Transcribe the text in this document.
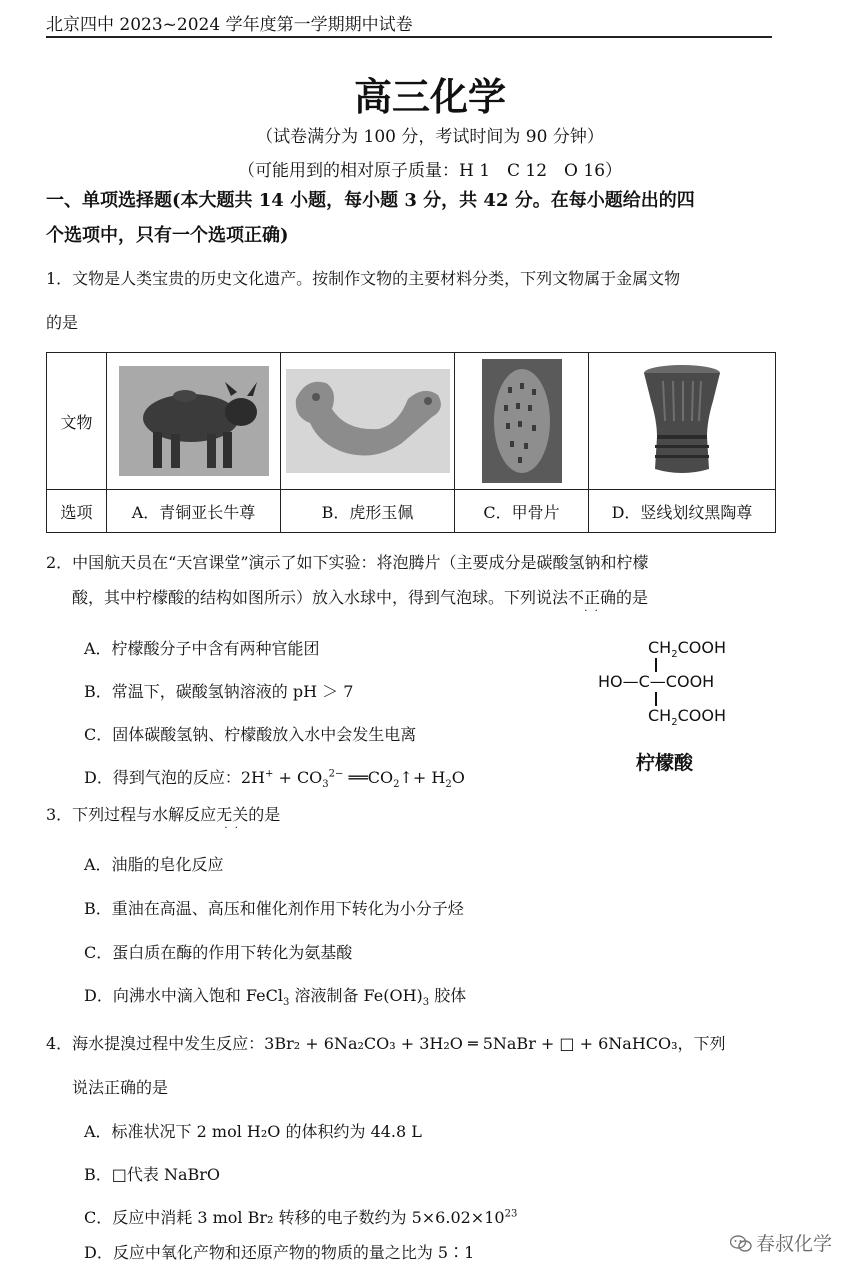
北京四中 2023~2024 学年度第一学期期中试卷
高三化学
（试卷满分为 100 分，考试时间为 90 分钟）
（可能用到的相对原子质量：H 1　C 12　O 16）
一、单项选择题(本大题共 14 小题，每小题 3 分，共 42 分。在每小题给出的四
个选项中，只有一个选项正确)
1．文物是人类宝贵的历史文化遗产。按制作文物的主要材料分类，下列文物属于金属文物
的是
文物	

选项	A．青铜亚长牛尊	B．虎形玉佩	C．甲骨片	D．竖线划纹黑陶尊
2．中国航天员在“天宫课堂”演示了如下实验：将泡腾片（主要成分是碳酸氢钠和柠檬
酸，其中柠檬酸的结构如图所示）放入水球中，得到气泡球。下列说法不正确 · ·的是
A．柠檬酸分子中含有两种官能团
B．常温下，碳酸氢钠溶液的 pH ＞ 7
C．固体碳酸氢钠、柠檬酸放入水中会发生电离
D．得到气泡的反应：$2H^+ + CO_3^{2-}$ $══CO_2↑+ H_2O$
$CH_2COOH$
HO—C—COOH
$CH_2COOH$
柠檬酸
3．下列过程与水解反应无关 · ·的是
A．油脂的皂化反应
B．重油在高温、高压和催化剂作用下转化为小分子烃
C．蛋白质在酶的作用下转化为氨基酸
D．向沸水中滴入饱和 FeCl$_3$ 溶液制备 $Fe(OH)_3$ 胶体
4．海水提溴过程中发生反应：3Br₂ + 6Na₂CO₃ + 3H₂O ═ 5NaBr + □ + 6NaHCO₃，下列
说法正确的是
A．标准状况下 2 mol H₂O 的体积约为 44.8 L
B．□代表 NaBrO
C．反应中消耗 3 mol Br₂ 转移的电子数约为 $5\times 6.02\times 10^{23}$
D．反应中氧化产物和还原产物的物质的量之比为 5∶1	春叔化学
